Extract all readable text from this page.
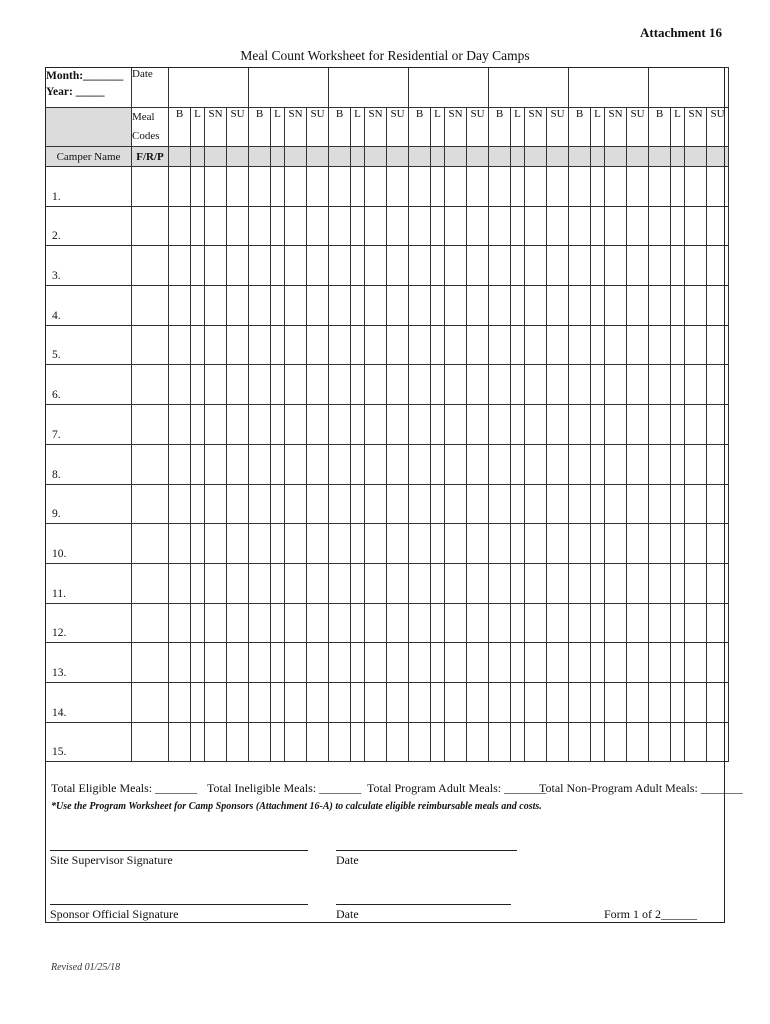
Attachment 16
Meal Count Worksheet for Residential or Day Camps
Month:_______
Year: _____	Date																												

	Meal
Codes	B	L	SN	SU	B	L	SN	SU	B	L	SN	SU	B	L	SN	SU	B	L	SN	SU	B	L	SN	SU	B	L	SN	SU
Camper Name	F/R/P																												
1.																													
2.																													
3.																													
4.																													
5.																													
6.																													
7.																													
8.																													
9.																													
10.																													
11.																													
12.																													
13.																													
14.																													
15.																													
Total Eligible Meals: _______ Total Ineligible Meals: _______ Total Program Adult Meals: _______
Total Non-Program Adult Meals: _______
*Use the Program Worksheet for Camp Sponsors (Attachment 16-A) to calculate eligible reimbursable meals and costs.
Site Supervisor Signature	Date
Sponsor Official Signature	Date	Form 1 of 2______
Revised 01/25/18
